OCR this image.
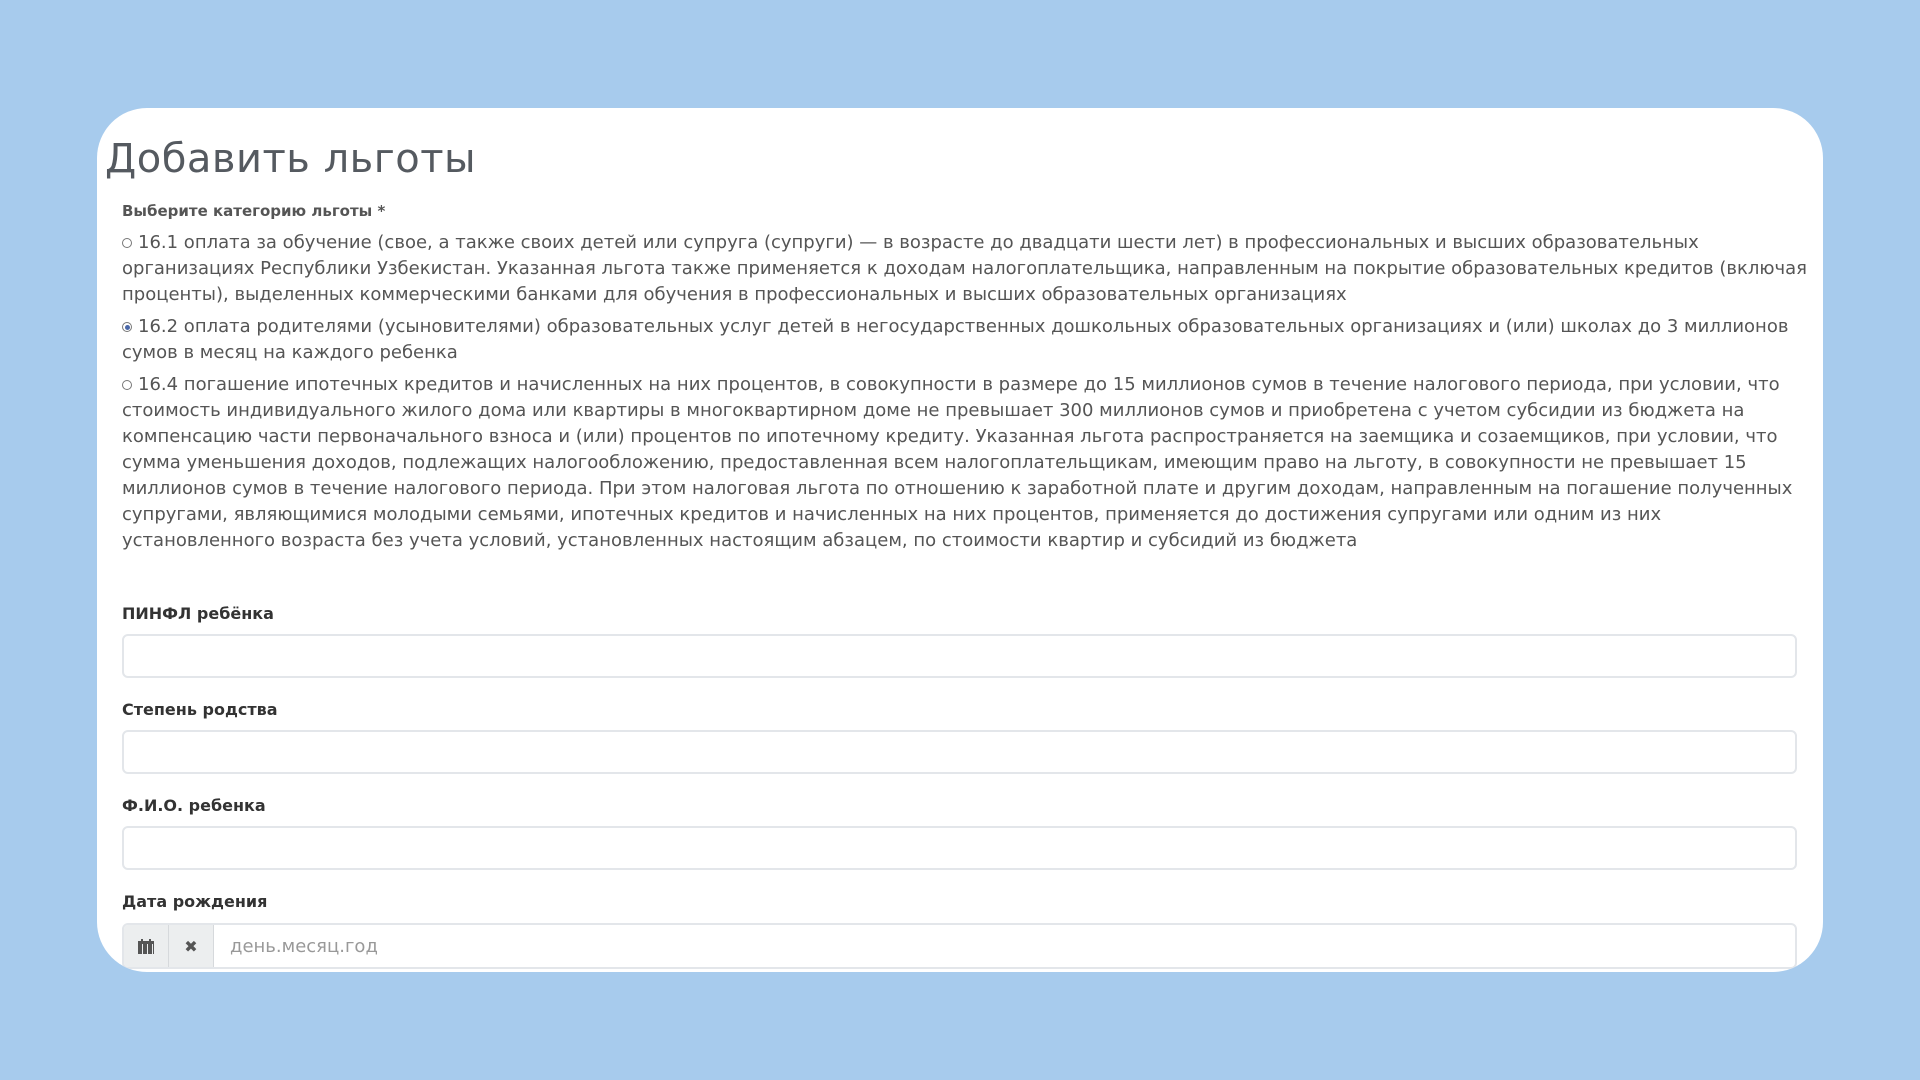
Добавить льготы
Выберите категорию льготы *
16.1 оплата за обучение (свое, а также своих детей или супруга (супруги) — в возрасте до двадцати шести лет) в профессиональных и высших образовательных организациях Республики Узбекистан. Указанная льгота также применяется к доходам налогоплательщика, направленным на покрытие образовательных кредитов (включая проценты), выделенных коммерческими банками для обучения в профессиональных и высших образовательных организациях
16.2 оплата родителями (усыновителями) образовательных услуг детей в негосударственных дошкольных образовательных организациях и (или) школах до 3 миллионов сумов в месяц на каждого ребенка
16.4 погашение ипотечных кредитов и начисленных на них процентов, в совокупности в размере до 15 миллионов сумов в течение налогового периода, при условии, что стоимость индивидуального жилого дома или квартиры в многоквартирном доме не превышает 300 миллионов сумов и приобретена с учетом субсидии из бюджета на компенсацию части первоначального взноса и (или) процентов по ипотечному кредиту. Указанная льгота распространяется на заемщика и созаемщиков, при условии, что сумма уменьшения доходов, подлежащих налогообложению, предоставленная всем налогоплательщикам, имеющим право на льготу, в совокупности не превышает 15 миллионов сумов в течение налогового периода. При этом налоговая льгота по отношению к заработной плате и другим доходам, направленным на погашение полученных супругами, являющимися молодыми семьями, ипотечных кредитов и начисленных на них процентов, применяется до достижения супругами или одним из них установленного возраста без учета условий, установленных настоящим абзацем, по стоимости квартир и субсидий из бюджета
ПИНФЛ ребёнка
Степень родства
Ф.И.О. ребенка
Дата рождения
✖ день.месяц.год
